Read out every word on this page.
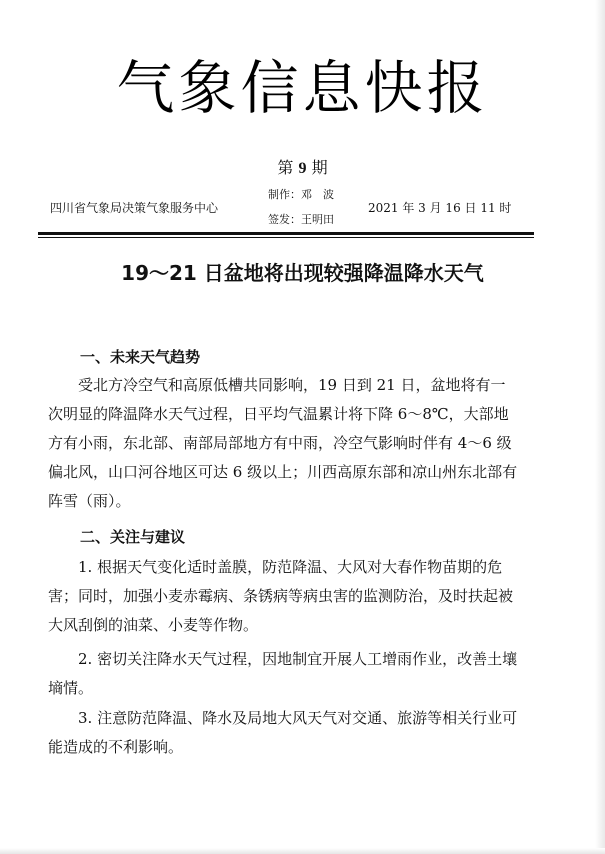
气象信息快报
第 9 期
四川省气象局决策气象服务中心
制作：邓　波
签发：王明田
2021 年 3 月 16 日 11 时
19～21 日盆地将出现较强降温降水天气
一、未来天气趋势
受北方冷空气和高原低槽共同影响，19 日到 21 日，盆地将有一次明显的降温降水天气过程，日平均气温累计将下降 6～8℃，大部地方有小雨，东北部、南部局部地方有中雨，冷空气影响时伴有 4～6 级偏北风，山口河谷地区可达 6 级以上；川西高原东部和凉山州东北部有阵雪（雨）。
二、关注与建议
1. 根据天气变化适时盖膜，防范降温、大风对大春作物苗期的危害；同时，加强小麦赤霉病、条锈病等病虫害的监测防治，及时扶起被大风刮倒的油菜、小麦等作物。
2. 密切关注降水天气过程，因地制宜开展人工增雨作业，改善土壤墒情。
3. 注意防范降温、降水及局地大风天气对交通、旅游等相关行业可能造成的不利影响。
